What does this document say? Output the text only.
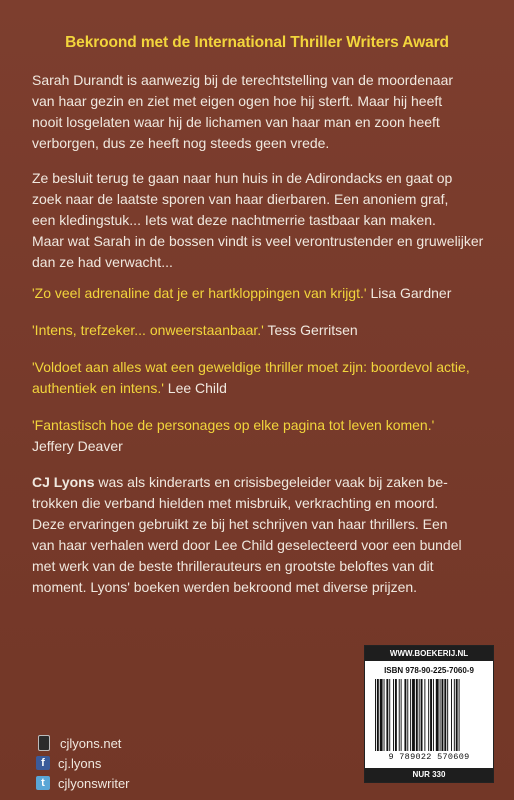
Bekroond met de International Thriller Writers Award

Sarah Durandt is aanwezig bij de terechtstelling van de moordenaar
van haar gezin en ziet met eigen ogen hoe hij sterft. Maar hij heeft
nooit losgelaten waar hij de lichamen van haar man en zoon heeft
verborgen, dus ze heeft nog steeds geen vrede.

Ze besluit terug te gaan naar hun huis in de Adirondacks en gaat op
zoek naar de laatste sporen van haar dierbaren. Een anoniem graf,
een kledingstuk... Iets wat deze nachtmerrie tastbaar kan maken.
Maar wat Sarah in de bossen vindt is veel verontrustender en gruwelijker
dan ze had verwacht...

'Zo veel adrenaline dat je er hartkloppingen van krijgt.' Lisa Gardner

'Intens, trefzeker... onweerstaanbaar.' Tess Gerritsen

'Voldoet aan alles wat een geweldige thriller moet zijn: boordevol actie,
authentiek en intens.' Lee Child

'Fantastisch hoe de personages op elke pagina tot leven komen.'
Jeffery Deaver

CJ Lyons was als kinderarts en crisisbegeleider vaak bij zaken be-
trokken die verband hielden met misbruik, verkrachting en moord.
Deze ervaringen gebruikt ze bij het schrijven van haar thrillers. Een
van haar verhalen werd door Lee Child geselecteerd voor een bundel
met werk van de beste thrillerauteurs en grootste beloftes van dit
moment. Lyons' boeken werden bekroond met diverse prijzen.

WWW.BOEKERIJ.NL
ISBN 978-90-225-7060-9
9 789022 570609
NUR 330
cjlyons.net
f	cj.lyons
t	cjlyonswriter
